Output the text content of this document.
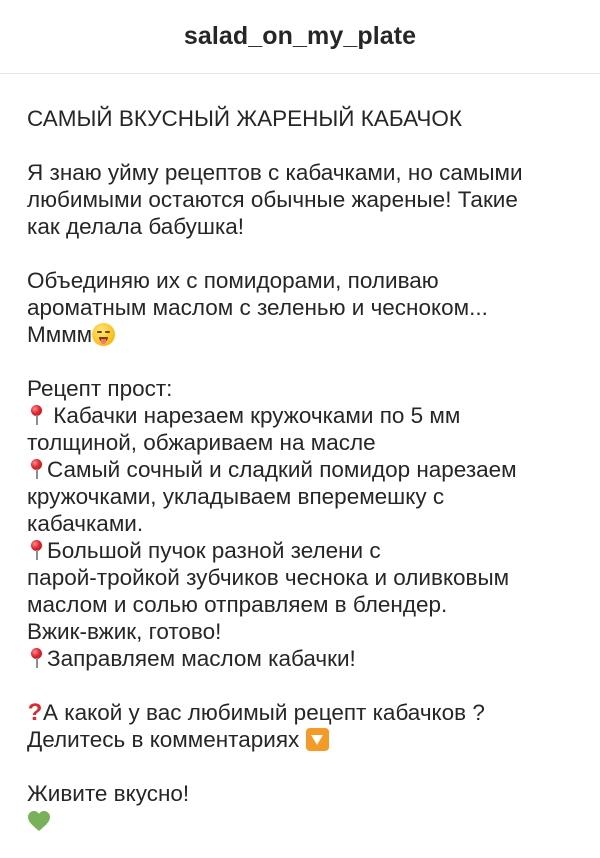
salad_on_my_plate

САМЫЙ ВКУСНЫЙ ЖАРЕНЫЙ КАБАЧОК

Я знаю уйму рецептов с кабачками, но самыми

любимыми остаются обычные жареные! Такие

как делала бабушка!

Объединяю их с помидорами, поливаю

ароматным маслом с зеленью и чесноком...

Мммм

Рецепт прост:

Кабачки нарезаем кружочками по 5 мм

толщиной, обжариваем на масле

Самый сочный и сладкий помидор нарезаем

кружочками, укладываем вперемешку с

кабачками.

Большой пучок разной зелени с

парой-тройкой зубчиков чеснока и оливковым

маслом и солью отправляем в блендер.

Вжик-вжик, готово!

Заправляем маслом кабачки!

?А какой у вас любимый рецепт кабачков ?

Делитесь в комментариях

Живите вкусно!
